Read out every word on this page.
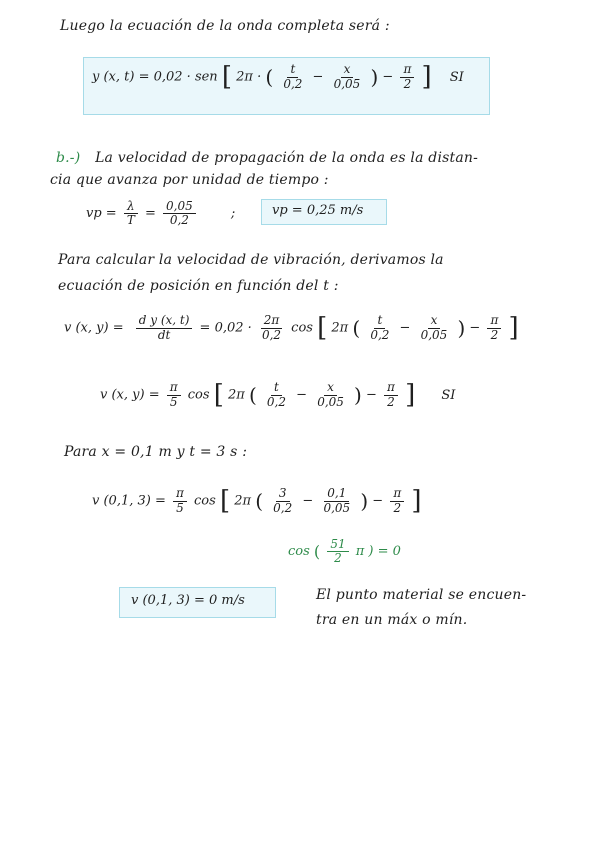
Luego la ecuación de la onda completa será :
y (x, t) = 0,02 · sen [ 2π · ( $\frac{t}{0,2} - \frac{x}{0,05}$ ) − $\frac{\pi}{2}$ ] SI
b.-) La velocidad de propagación de la onda es la distan-
cia que avanza por unidad de tiempo :
vp = $\frac{\lambda}{T} = \frac{0,05}{0,2}$	;	vp = 0,25 m/s
Para calcular la velocidad de vibración, derivamos la
ecuación de posición en función del t :
v (x, $y) = \frac{\text{d y (x, t)}}{dt} = 0,02 \cdot \frac{2\pi}{0,2}$ cos [ 2π ( $\frac{t}{0,2} - \frac{x}{0,05}$ ) − $\frac{\pi}{2}$ ]
v (x, $y) = \frac{\pi}{5}$ cos [ 2π ( $\frac{t}{0,2} - \frac{x}{0,05}$ ) − $\frac{\pi}{2}$ ] SI
Para x = 0,1 m y t = 3 s :
v (0,1, $3) = \frac{\pi}{5}$ cos [ 2π ( $\frac{3}{0,2} - \frac{0,1}{0,05}$ ) − $\frac{\pi}{2}$ ]
cos ( $\frac{51}{2}$ π ) = 0
v (0,1, 3) = 0 m/s	El punto material se encuen-
tra en un máx o mín.
